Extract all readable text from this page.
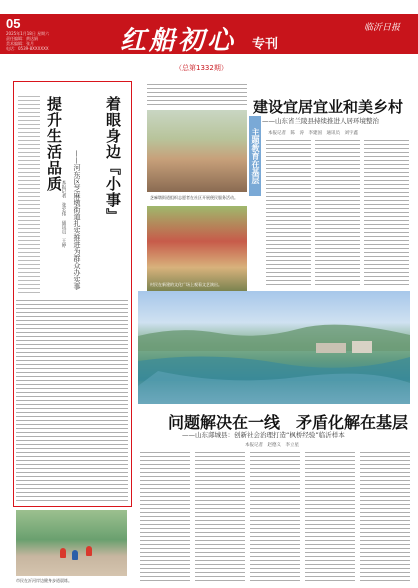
05
2025年1月18日 星期六
责任编辑：黄达娟
美术编辑：张月
电话：0539-8XXXXXX	红船初心 专刊
临沂日报
（总第1332期）
着眼身边『小事』
提升生活品质
——河东区芝麻墩街道扎实推进为群众办实事
本报记者　张宏伟　通讯员　王婷	芝麻墩街道组织志愿者在社区开展便民服务活动。
主题教育在基层
村民在新建的文化广场上观看文艺演出。
建设宜居宜业和美乡村
——山东省兰陵县持续推进人居环境整治
本报记者　陈　涛　李建国　通讯员　刘宇鑫
问题解决在一线　矛盾化解在基层
——山东郯城县：创新社会治理打造“枫桥经验”临沂样本
本报记者　赵德义　李立星
市民在沂河岸边健身步道晨练。
